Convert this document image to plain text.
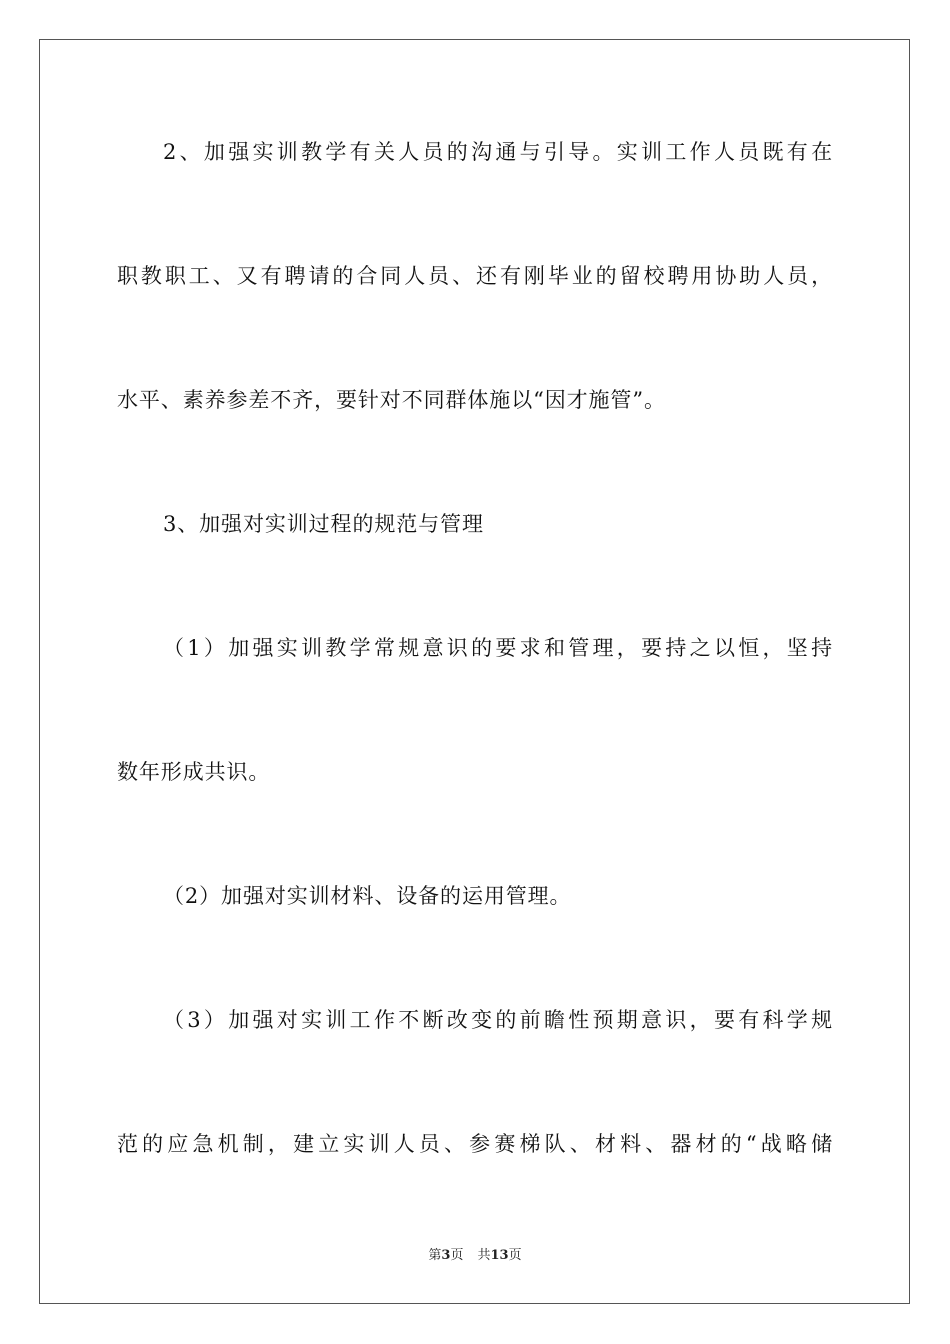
2、加强实训教学有关人员的沟通与引导。实训工作人员既有在
职教职工、又有聘请的合同人员、还有刚毕业的留校聘用协助人员，
水平、素养参差不齐，要针对不同群体施以“因才施管”。
3、加强对实训过程的规范与管理
（1）加强实训教学常规意识的要求和管理，要持之以恒，坚持
数年形成共识。
（2）加强对实训材料、设备的运用管理。
（3）加强对实训工作不断改变的前瞻性预期意识，要有科学规
范的应急机制，建立实训人员、参赛梯队、材料、器材的“战略储
第3页 共13页
